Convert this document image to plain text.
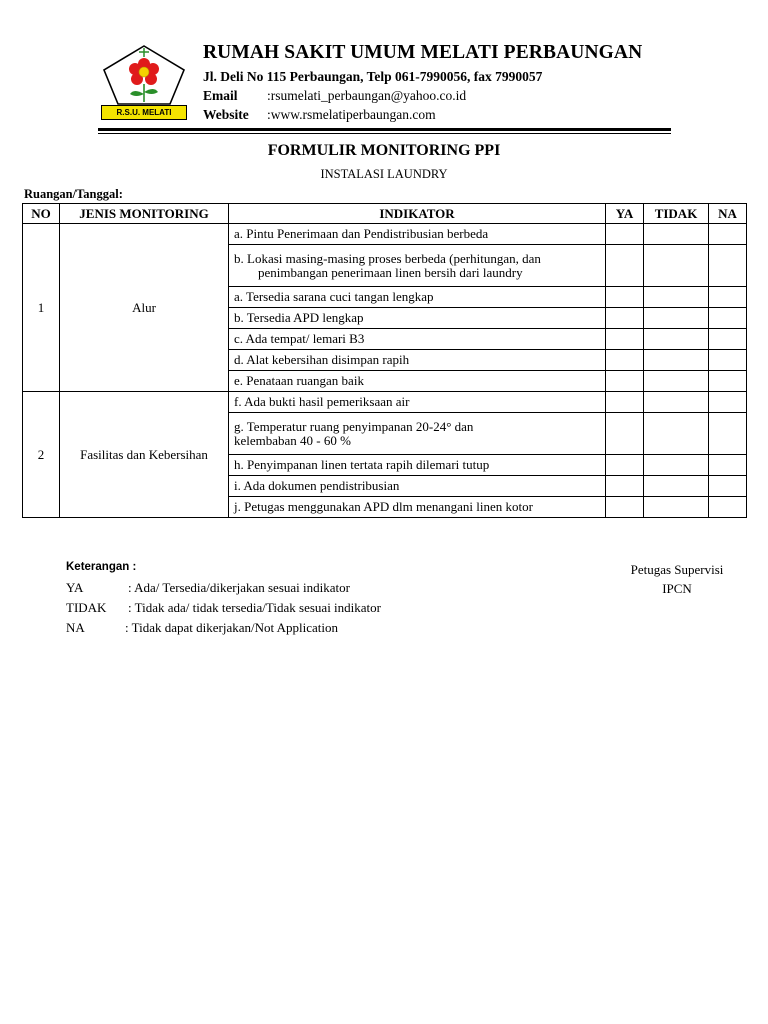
R.S.U. MELATI
RUMAH SAKIT UMUM MELATI PERBAUNGAN
Jl. Deli No 115 Perbaungan, Telp 061-7990056, fax 7990057
Email :rsumelati_perbaungan@yahoo.co.id
Website :www.rsmelatiperbaungan.com
FORMULIR MONITORING PPI
INSTALASI LAUNDRY
Ruangan/Tanggal:
NO	JENIS MONITORING	INDIKATOR	YA	TIDAK	NA
1	Alur	a. Pintu Penerimaan dan Pendistribusian berbeda			
		b. Lokasi masing-masing proses berbeda (perhitungan, dan penimbangan penerimaan linen bersih dari laundry			
		a. Tersedia sarana cuci tangan lengkap			
		b. Tersedia APD lengkap			
		c. Ada tempat/ lemari B3			
		d. Alat kebersihan disimpan rapih			
		e. Penataan ruangan baik			
2	Fasilitas dan Kebersihan	f. Ada bukti hasil pemeriksaan air			
		g. Temperatur ruang penyimpanan 20-24° dan kelembaban 40 - 60 %			
		h. Penyimpanan linen tertata rapih dilemari tutup			
		i. Ada dokumen pendistribusian			
		j. Petugas menggunakan APD dlm menangani linen kotor			
Keterangan :
YA	: Ada/ Tersedia/dikerjakan sesuai indikator
TIDAK : Tidak ada/ tidak tersedia/Tidak sesuai indikator
NA	: Tidak dapat dikerjakan/Not Application
Petugas Supervisi
IPCN
